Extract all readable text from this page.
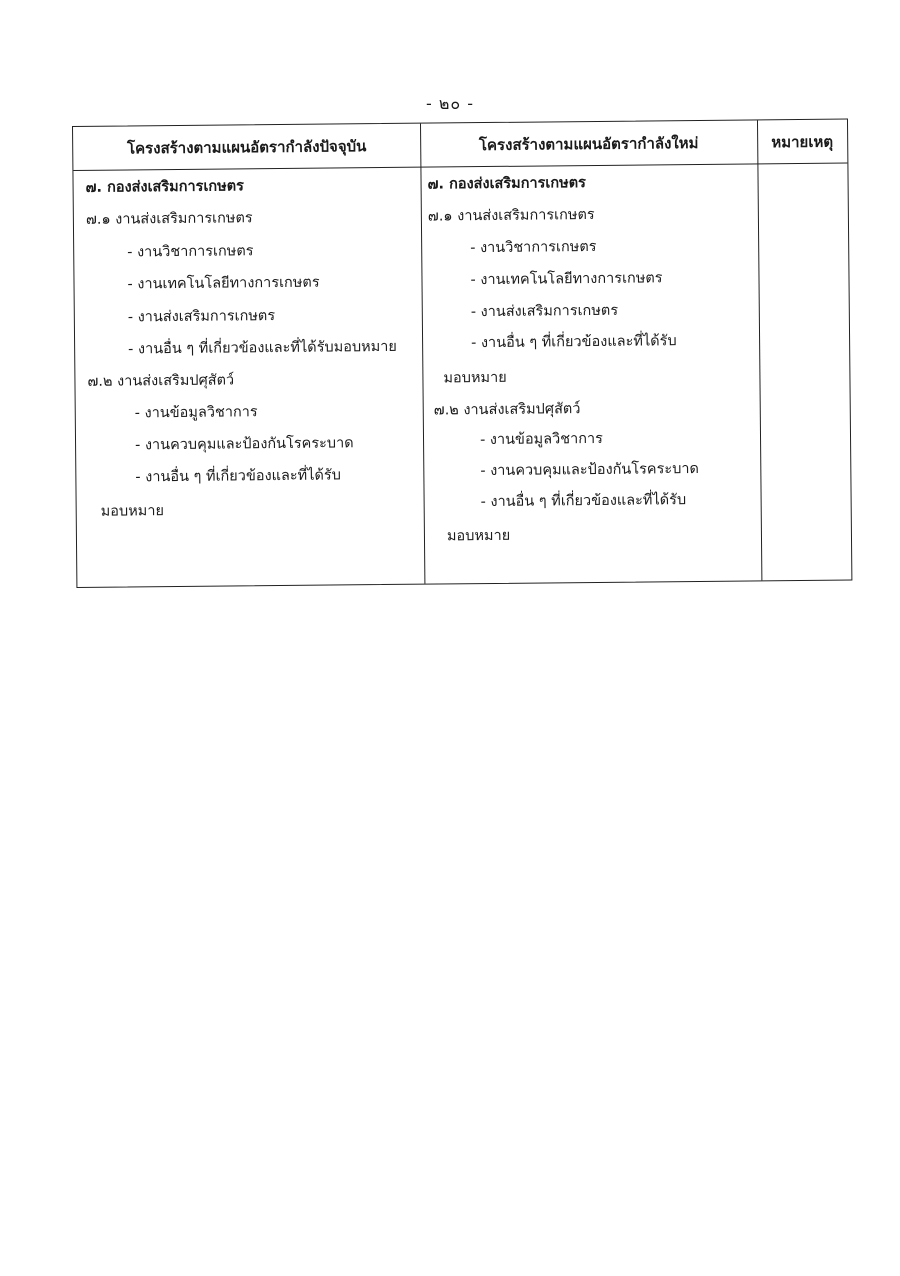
- ๒๐ -
โครงสร้างตามแผนอัตรากำลังปัจจุบัน	โครงสร้างตามแผนอัตรากำลังใหม่	หมายเหตุ
๗. กองส่งเสริมการเกษตร
๗.๑ งานส่งเสริมการเกษตร
- งานวิชาการเกษตร
- งานเทคโนโลยีทางการเกษตร
- งานส่งเสริมการเกษตร
- งานอื่น ๆ ที่เกี่ยวข้องและที่ได้รับมอบหมาย
๗.๒ งานส่งเสริมปศุสัตว์
- งานข้อมูลวิชาการ
- งานควบคุมและป้องกันโรคระบาด
- งานอื่น ๆ ที่เกี่ยวข้องและที่ได้รับ
มอบหมาย
๗. กองส่งเสริมการเกษตร
๗.๑ งานส่งเสริมการเกษตร
- งานวิชาการเกษตร
- งานเทคโนโลยีทางการเกษตร
- งานส่งเสริมการเกษตร
- งานอื่น ๆ ที่เกี่ยวข้องและที่ได้รับ
มอบหมาย
๗.๒ งานส่งเสริมปศุสัตว์
- งานข้อมูลวิชาการ
- งานควบคุมและป้องกันโรคระบาด
- งานอื่น ๆ ที่เกี่ยวข้องและที่ได้รับ
มอบหมาย
